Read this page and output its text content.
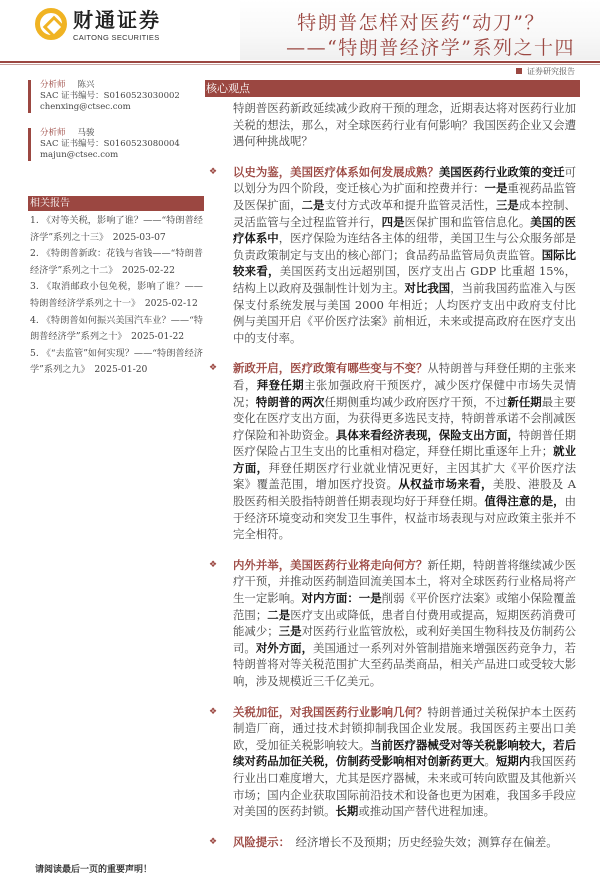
财通证券
CAITONG SECURITIES
特朗普怎样对医药“动刀”？
——“特朗普经济学”系列之十四
证券研究报告
分析师 陈兴
SAC 证书编号：S0160523030002
chenxing@ctsec.com
分析师 马骏
SAC 证书编号：S0160523080004
majun@ctsec.com
相关报告
1. 《对等关税，影响了谁？——“特朗普经济学”系列之十三》　2025-03-07
2. 《特朗普新政：花钱与省钱——“特朗普经济学”系列之十二》　2025-02-22
3. 《取消邮政小包免税，影响了谁？——特朗普经济学系列之十一》　2025-02-12
4. 《特朗普如何振兴美国汽车业？——“特朗普经济学”系列之十》　2025-01-22
5. 《“去监管”如何实现？——“特朗普经济学”系列之九》　2025-01-20
核心观点
特朗普医药新政延续减少政府干预的理念，近期表达将对医药行业加关税的想法，那么，对全球医药行业有何影响？我国医药企业又会遭遇何种挑战呢？
❖ 以史为鉴，美国医疗体系如何发展成熟？美国医药行业政策的变迁可以划分为四个阶段，变迁核心为扩面和控费并行：一是重视药品监管及医保扩面，二是支付方式改革和提升监管灵活性，三是成本控制、灵活监管与全过程监管并行，四是医保扩围和监管信息化。美国的医疗体系中，医疗保险为连结各主体的纽带，美国卫生与公众服务部是负责政策制定与支出的核心部门；食品药品监管局负责监管。国际比较来看，美国医药支出远超别国，医疗支出占 GDP 比重超 15%，结构上以政府及强制性计划为主。对比我国，当前我国药监准入与医保支付系统发展与美国 2000 年相近；人均医疗支出中政府支付比例与美国开启《平价医疗法案》前相近，未来或提高政府在医疗支出中的支付率。
❖ 新政开启，医疗政策有哪些变与不变？从特朗普与拜登任期的主张来看，拜登任期主张加强政府干预医疗，减少医疗保健中市场失灵情况；特朗普的两次任期侧重均减少政府医疗干预，不过新任期最主要变化在医疗支出方面，为获得更多选民支持，特朗普承诺不会削减医疗保险和补助资金。具体来看经济表现，保险支出方面，特朗普任期医疗保险占卫生支出的比重相对稳定，拜登任期比重逐年上升；就业方面，拜登任期医疗行业就业情况更好，主因其扩大《平价医疗法案》覆盖范围，增加医疗投资。从权益市场来看，美股、港股及 A 股医药相关股指特朗普任期表现均好于拜登任期。值得注意的是，由于经济环境变动和突发卫生事件，权益市场表现与对应政策主张并不完全相符。
❖ 内外并举，美国医药行业将走向何方？新任期，特朗普将继续减少医疗干预，并推动医药制造回流美国本土，将对全球医药行业格局将产生一定影响。对内方面：一是削弱《平价医疗法案》或缩小保险覆盖范围；二是医疗支出或降低，患者自付费用或提高，短期医药消费可能减少；三是对医药行业监管放松，或利好美国生物科技及仿制药公司。对外方面，美国通过一系列对外管制措施来增强医药竞争力，若特朗普将对等关税范围扩大至药品类商品，相关产品进口或受较大影响，涉及规模近三千亿美元。
❖ 关税加征，对我国医药行业影响几何？特朗普通过关税保护本土医药制造厂商，通过技术封锁抑制我国企业发展。我国医药主要出口美欧，受加征关税影响较大。当前医疗器械受对等关税影响较大，若后续对药品加征关税，仿制药受影响相对创新药更大。短期内我国医药行业出口难度增大，尤其是医疗器械，未来或可转向欧盟及其他新兴市场；国内企业获取国际前沿技术和设备也更为困难，我国多手段应对美国的医药封锁。长期或推动国产替代进程加速。
❖ 风险提示：　经济增长不及预期；历史经验失效；测算存在偏差。
请阅读最后一页的重要声明！
